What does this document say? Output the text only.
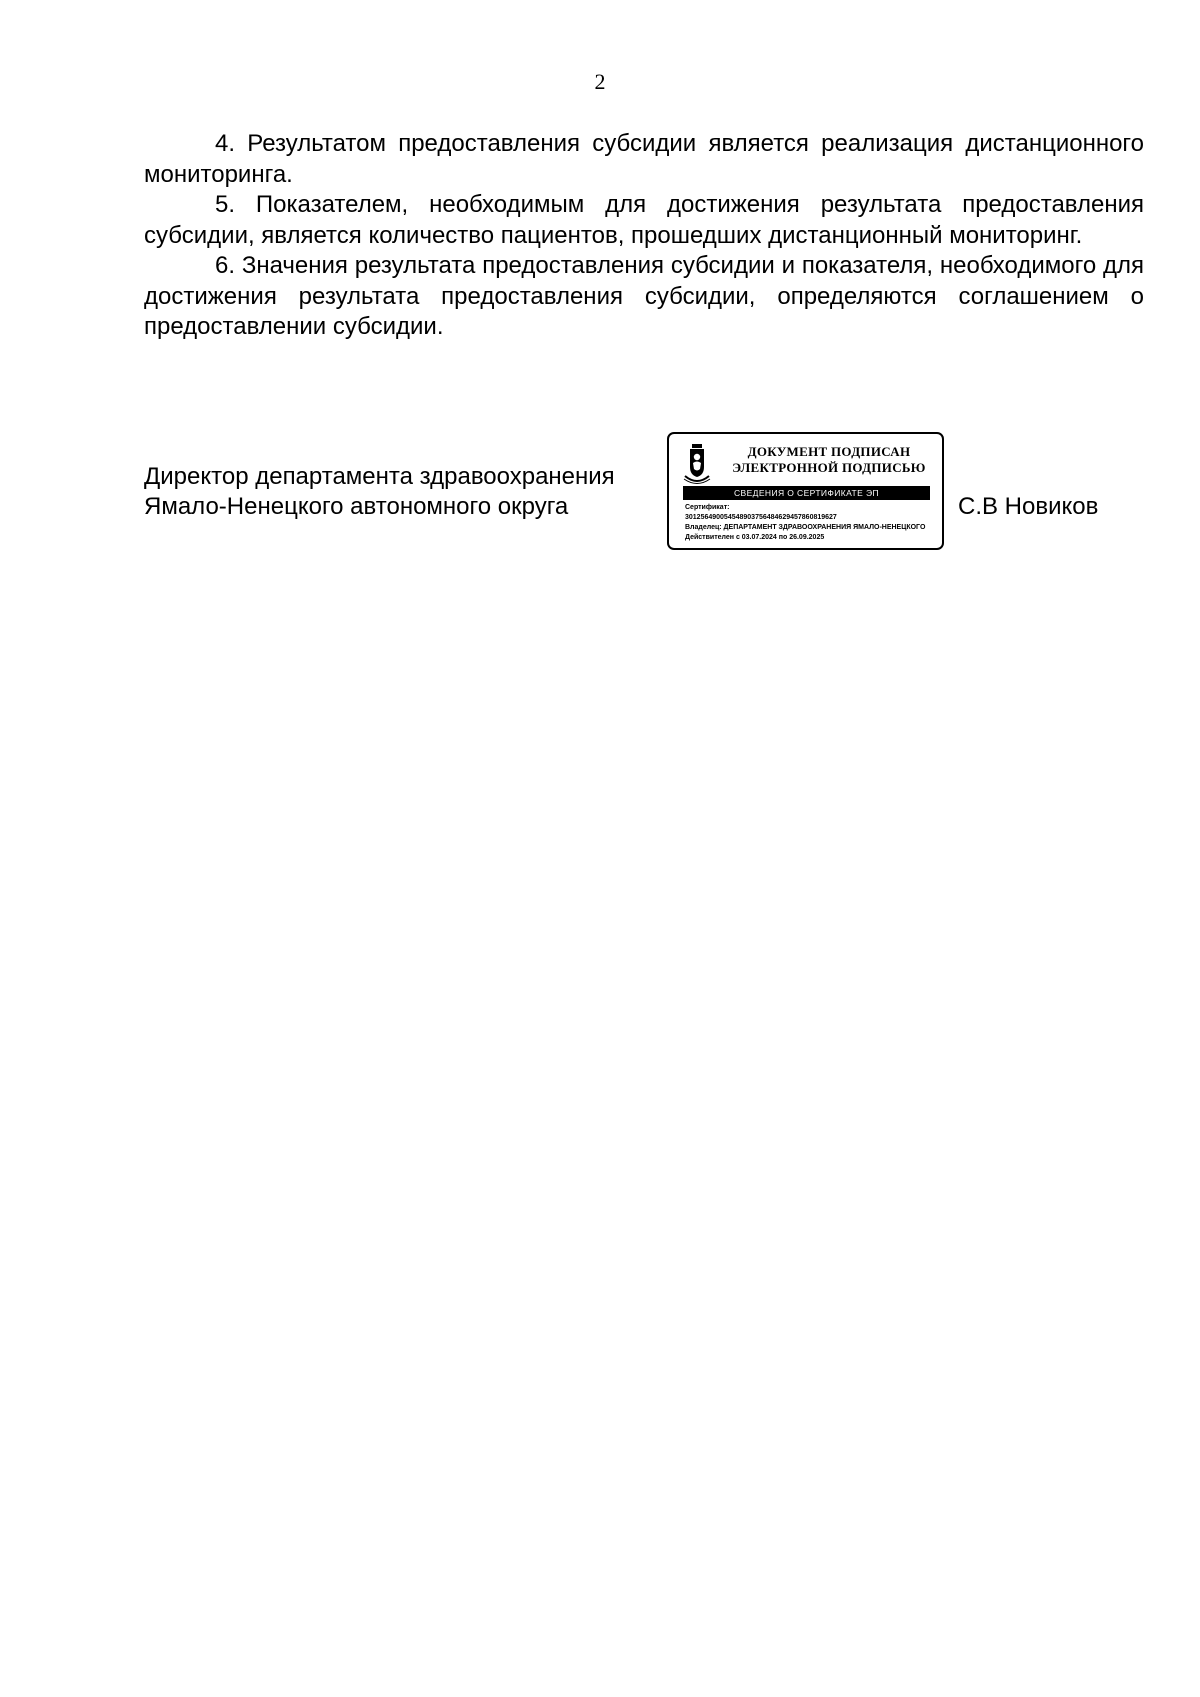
2

4. Результатом предоставления субсидии является реализация дистанционного мониторинга.

5. Показателем, необходимым для достижения результата предоставления субсидии, является количество пациентов, прошедших дистанционный мониторинг.

6. Значения результата предоставления субсидии и показателя, необходимого для достижения результата предоставления субсидии, определяются соглашением о предоставлении субсидии.

Директор департамента здравоохранения
Ямало-Ненецкого автономного округа
ДОКУМЕНТ ПОДПИСАН
ЭЛЕКТРОННОЙ ПОДПИСЬЮ
СВЕДЕНИЯ О СЕРТИФИКАТЕ ЭП
Сертификат:
301256490054548903756484629457860819627
Владелец: ДЕПАРТАМЕНТ ЗДРАВООХРАНЕНИЯ ЯМАЛО-НЕНЕЦКОГО
Действителен с 03.07.2024 по 26.09.2025
С.В Новиков
